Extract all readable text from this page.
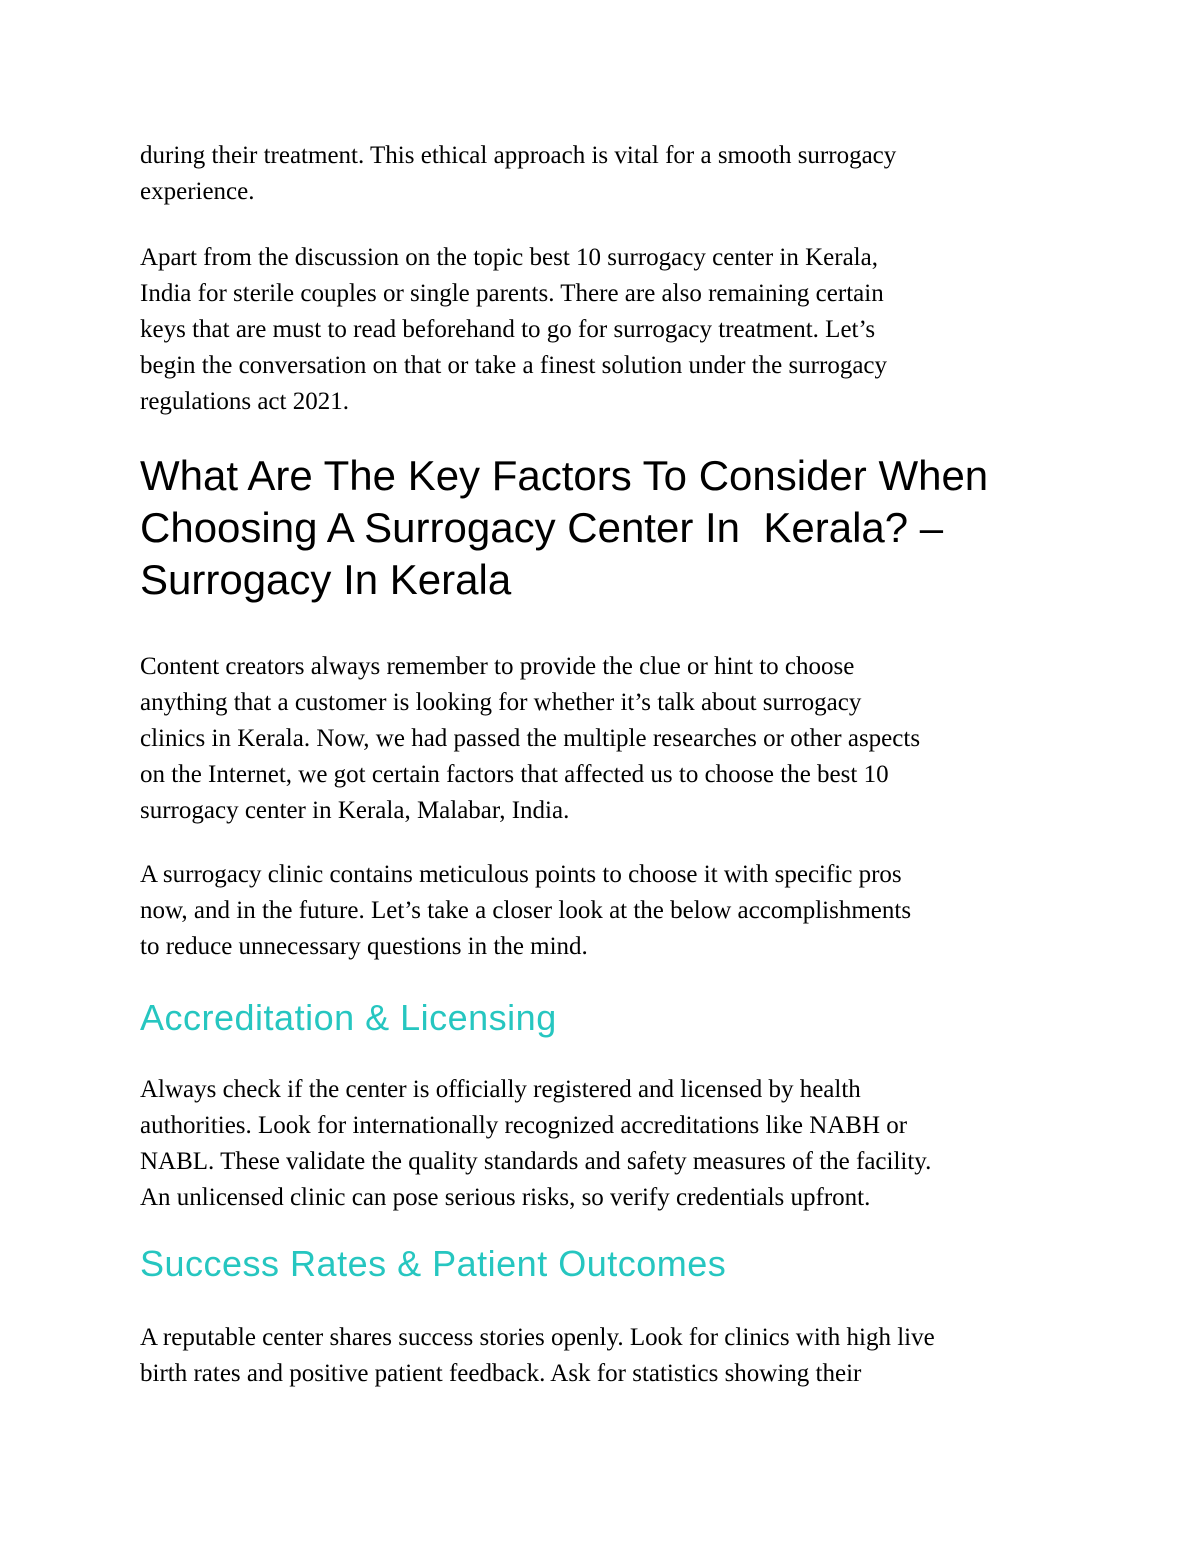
during their treatment. This ethical approach is vital for a smooth surrogacy
experience.

Apart from the discussion on the topic best 10 surrogacy center in Kerala,
India for sterile couples or single parents. There are also remaining certain
keys that are must to read beforehand to go for surrogacy treatment. Let’s
begin the conversation on that or take a finest solution under the surrogacy
regulations act 2021.

What Are The Key Factors To Consider When
Choosing A Surrogacy Center In  Kerala? –
Surrogacy In Kerala

Content creators always remember to provide the clue or hint to choose
anything that a customer is looking for whether it’s talk about surrogacy
clinics in Kerala. Now, we had passed the multiple researches or other aspects
on the Internet, we got certain factors that affected us to choose the best 10
surrogacy center in Kerala, Malabar, India.

A surrogacy clinic contains meticulous points to choose it with specific pros
now, and in the future. Let’s take a closer look at the below accomplishments
to reduce unnecessary questions in the mind.

Accreditation & Licensing

Always check if the center is officially registered and licensed by health
authorities. Look for internationally recognized accreditations like NABH or
NABL. These validate the quality standards and safety measures of the facility.
An unlicensed clinic can pose serious risks, so verify credentials upfront.

Success Rates & Patient Outcomes

A reputable center shares success stories openly. Look for clinics with high live
birth rates and positive patient feedback. Ask for statistics showing their
